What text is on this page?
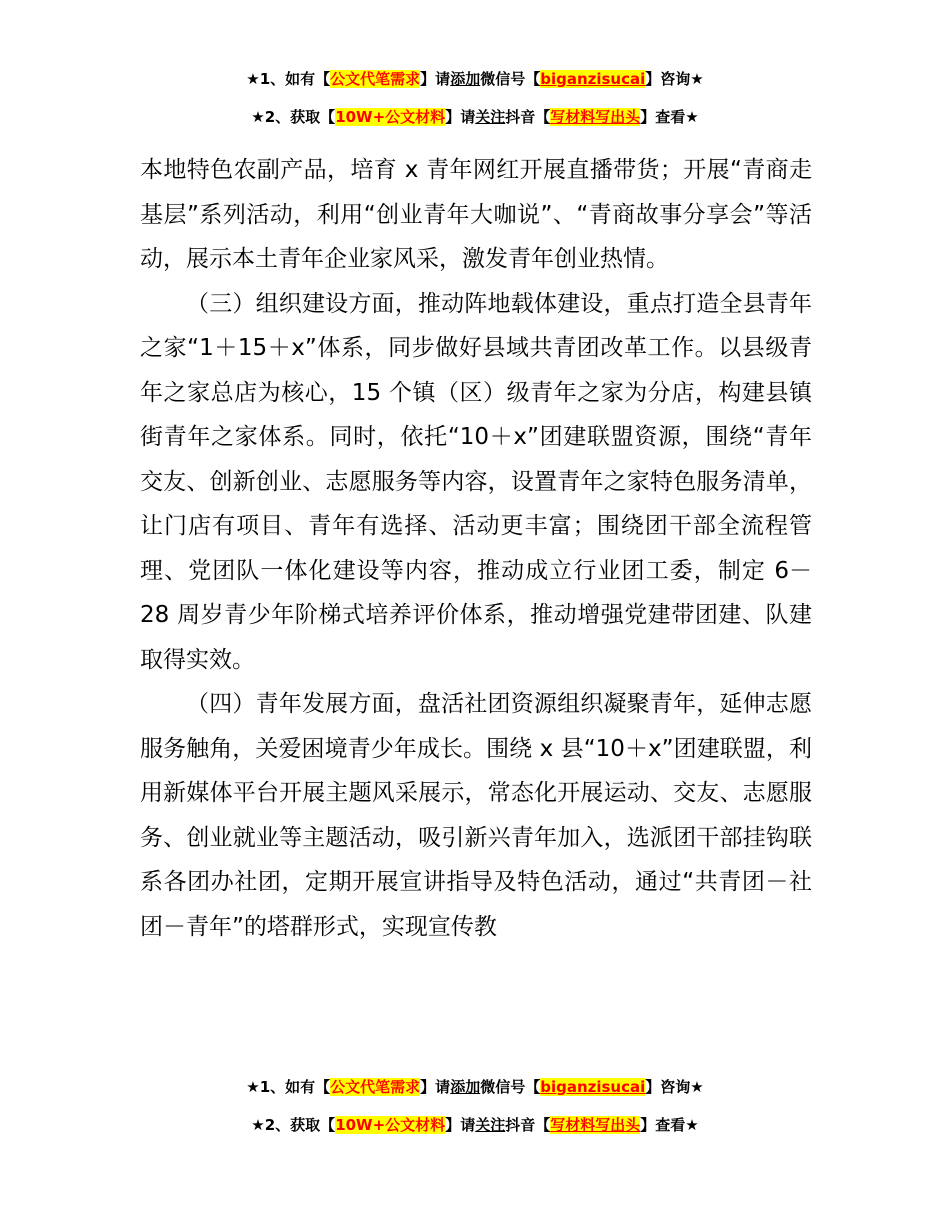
★1、如有【公文代笔需求】请添加微信号【biganzisucai】咨询★
★2、获取【10W+公文材料】请关注抖音【写材料写出头】查看★

本地特色农副产品，培育 x 青年网红开展直播带货；开展“青商走基层”系列活动，利用“创业青年大咖说”、“青商故事分享会”等活动，展示本土青年企业家风采，激发青年创业热情。

（三）组织建设方面，推动阵地载体建设，重点打造全县青年之家“1＋15＋x”体系，同步做好县域共青团改革工作。以县级青年之家总店为核心，15 个镇（区）级青年之家为分店，构建县镇街青年之家体系。同时，依托“10＋x”团建联盟资源，围绕“青年交友、创新创业、志愿服务等内容，设置青年之家特色服务清单，让门店有项目、青年有选择、活动更丰富；围绕团干部全流程管理、党团队一体化建设等内容，推动成立行业团工委，制定 6－28 周岁青少年阶梯式培养评价体系，推动增强党建带团建、队建取得实效。

（四）青年发展方面，盘活社团资源组织凝聚青年，延伸志愿服务触角，关爱困境青少年成长。围绕 x 县“10＋x”团建联盟，利用新媒体平台开展主题风采展示，常态化开展运动、交友、志愿服务、创业就业等主题活动，吸引新兴青年加入，选派团干部挂钩联系各团办社团，定期开展宣讲指导及特色活动，通过“共青团－社团－青年”的塔群形式，实现宣传教

★1、如有【公文代笔需求】请添加微信号【biganzisucai】咨询★
★2、获取【10W+公文材料】请关注抖音【写材料写出头】查看★
